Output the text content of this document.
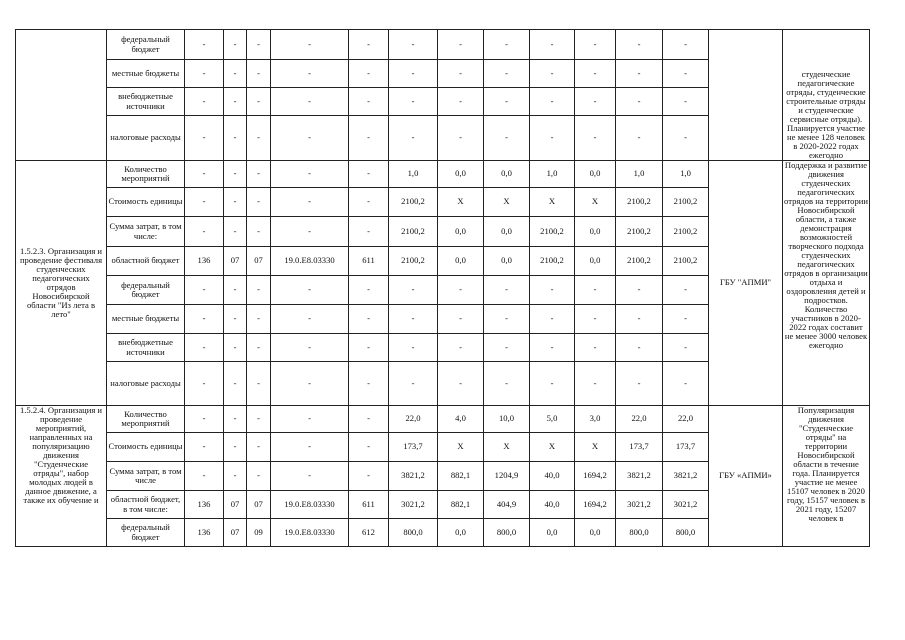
	федеральный бюджет	-	-	-	-	-	-	-	-	-	-	-	-		студенческие педагогические отряды, студенческие строительные отряды и студенческие сервисные отряды). Планируется участие не менее 128 человек в 2020-2022 годах ежегодно
	местные бюджеты	-	-	-	-	-	-	-	-	-	-	-	-		
	внебюджетные источники	-	-	-	-	-	-	-	-	-	-	-	-		
	налоговые расходы	-	-	-	-	-	-	-	-	-	-	-	-		
1.5.2.3. Организация и проведение фестиваля студенческих педагогических отрядов Новосибирской области "Из лета в лето"	Количество мероприятий	-	-	-	-	-	1,0	0,0	0,0	1,0	0,0	1,0	1,0	ГБУ "АПМИ"	Поддержка и развитие движения студенческих педагогических отрядов на территории Новосибирской области, а также демонстрация возможностей творческого подхода студенческих педагогических отрядов в организации отдыха и оздоровления детей и подростков. Количество участников в 2020-2022 годах составит не менее 3000 человек ежегодно
	Стоимость единицы	-	-	-	-	-	2100,2	X	X	X	X	2100,2	2100,2		
	Сумма затрат, в том числе:	-	-	-	-	-	2100,2	0,0	0,0	2100,2	0,0	2100,2	2100,2		
	областной бюджет	136	07	07	19.0.E8.03330	611	2100,2	0,0	0,0	2100,2	0,0	2100,2	2100,2		
	федеральный бюджет	-	-	-	-	-	-	-	-	-	-	-	-		
	местные бюджеты	-	-	-	-	-	-	-	-	-	-	-	-		
	внебюджетные источники	-	-	-	-	-	-	-	-	-	-	-	-		
	налоговые расходы	-	-	-	-	-	-	-	-	-	-	-	-		
1.5.2.4. Организация и проведение мероприятий, направленных на популяризацию движения "Студенческие отряды", набор молодых людей в данное движение, а также их обучение и	Количество мероприятий	-	-	-	-	-	22,0	4,0	10,0	5,0	3,0	22,0	22,0	ГБУ «АПМИ»	Популяризация движения "Студенческие отряды" на территории Новосибирской области в течение года. Планируется участие не менее 15107 человек в 2020 году, 15157 человек в 2021 году, 15207 человек в
	Стоимость единицы	-	-	-	-	-	173,7	X	X	X	X	173,7	173,7		
	Сумма затрат, в том числе	-	-	-	-	-	3821,2	882,1	1204,9	40,0	1694,2	3821,2	3821,2		
	областной бюджет, в том числе:	136	07	07	19.0.E8.03330	611	3021,2	882,1	404,9	40,0	1694,2	3021,2	3021,2		
	федеральный бюджет	136	07	09	19.0.E8.03330	612	800,0	0,0	800,0	0,0	0,0	800,0	800,0		
